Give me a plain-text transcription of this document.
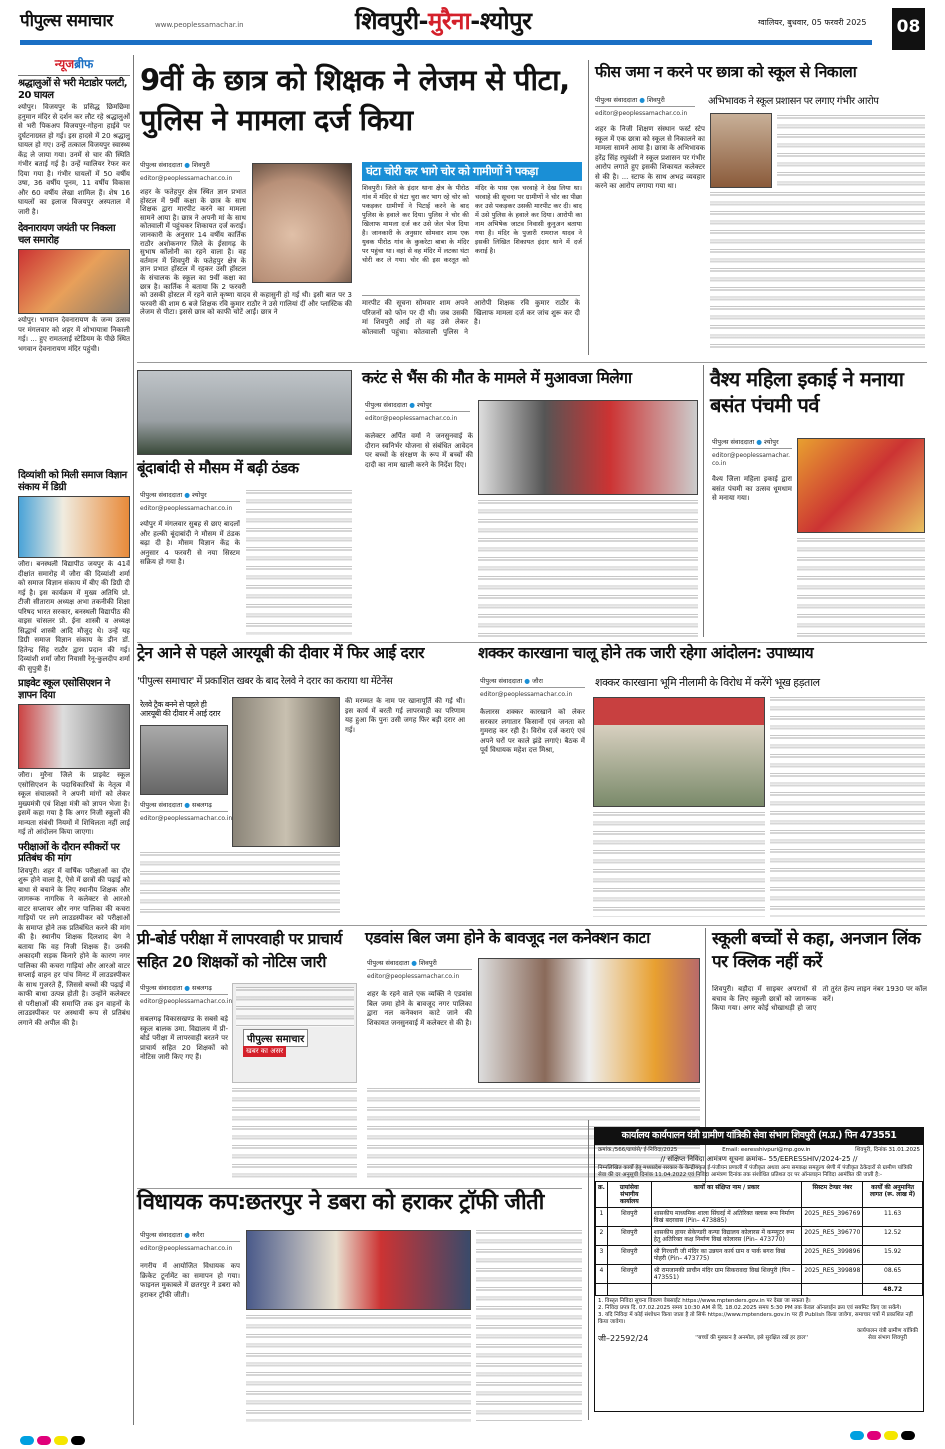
पीपुल्स समाचार	www.peoplessamachar.in	शिवपुरी-मुरैना-श्योपुर	ग्वालियर, बुधवार, 05 फरवरी 2025 08
न्यूजब्रीफ
श्रद्धालुओं से भरी मेटाडोर पलटी, 20 घायल
श्योपुर। विजयपुर के प्रसिद्ध छिमछिमा हनुमान मंदिर से दर्शन कर लौट रहे श्रद्धालुओं से भरी पिकअप विजयपुर-गोहना हाईवे पर दुर्घटनाग्रस्त हो गई। इस हादसे में 20 श्रद्धालु घायल हो गए। उन्हें तत्काल विजयपुर स्वास्थ्य केंद्र ले जाया गया। उनमें से चार की स्थिति गंभीर बताई गई है। उन्हें ग्वालियर रेफर कर दिया गया है। गंभीर घायलों में 50 वर्षीय उषा, 36 वर्षीय पूनम, 11 वर्षीय विकास और 60 वर्षीय लेखा शामिल हैं। शेष 16 घायलों का इलाज विजयपुर अस्पताल में जारी है।
देवनारायण जयंती पर निकला चल समारोह
श्योपुर। भगवान देवनारायण के जन्म उत्सव पर मंगलवार को शहर में शोभायात्रा निकाली गई। ... हुए रामतलाई स्टेडियम के पीछे स्थित भगवान देवनारायण मंदिर पहुंची।
दिव्यांशी को मिली समाज विज्ञान संकाय में डिग्री
जौरा। बनस्थली विद्यापीठ जयपुर के 41वें दीक्षांत समारोह में जौरा की दिव्यांशी शर्मा को समाज विज्ञान संकाय में बीए की डिग्री दी गई है। इस कार्यक्रम में मुख्य अतिथि प्रो. टीजी सीताराम अध्यक्ष अभा तकनीकी शिक्षा परिषद भारत सरकार, बनस्थली विद्यापीठ की वाइस चांसलर प्रो. ईना शास्त्री व अध्यक्ष सिद्धार्थ शास्त्री आदि मौजूद थे। उन्हें यह डिग्री समाज विज्ञान संकाय के डीन डॉ. हितेन्द्र सिंह राठौर द्वारा प्रदान की गई। दिव्यांशी शर्मा जौरा निवासी रेनू-कुलदीप शर्मा की सुपुत्री हैं।
प्राइवेट स्कूल एसोसिएशन ने ज्ञापन दिया
जौरा। मुरैना जिले के प्राइवेट स्कूल एसोसिएशन के पदाधिकारियों के नेतृत्व में स्कूल संचालकों ने अपनी मांगों को लेकर मुख्यमंत्री एवं शिक्षा मंत्री को ज्ञापन भेजा है। इसमें कहा गया है कि अगर निजी स्कूलों की मान्यता संबंधी नियमों में शिथिलता नहीं लाई गई तो आंदोलन किया जाएगा।
परीक्षाओं के दौरान स्पीकरों पर प्रतिबंध की मांग
शिवपुरी। शहर में वार्षिक परीक्षाओं का दौर शुरू होने वाला है, ऐसे में छात्रों की पढ़ाई को बाधा से बचाने के लिए स्थानीय शिक्षक और जागरूक नागरिक ने कलेक्टर से आरओ वाटर सप्लायर और नगर पालिका की कचरा गाड़ियों पर लगे लाउडस्पीकर को परीक्षाओं के समाप्त होने तक प्रतिबंधित करने की मांग की है। स्थानीय शिक्षक दिलशाद बेग ने बताया कि वह निजी शिक्षक हैं। उनकी अकादमी सड़क किनारे होने के कारण नगर पालिका की कचरा गाड़ियां और आरओ वाटर सप्लाई वाहन हर पांच मिनट में लाउडस्पीकर के साथ गुजरते हैं, जिससे बच्चों की पढ़ाई में काफी बाधा उत्पन्न होती है। उन्होंने कलेक्टर से परीक्षाओं की समाप्ति तक इन वाहनों के लाउडस्पीकर पर अस्थायी रूप से प्रतिबंध लगाने की अपील की है।
9वीं के छात्र को शिक्षक ने लेजम से पीटा, पुलिस ने मामला दर्ज किया
पीपुल्स संवाददाता ● शिवपुरी
editor@peoplessamachar.co.in
शहर के फतेहपुर क्षेत्र स्थित ज्ञान प्रभात होस्टल में 9वीं कक्षा के छात्र के साथ शिक्षक द्वारा मारपीट करने का मामला सामने आया है। छात्र ने अपनी मां के साथ कोतवाली में पहुंचकर शिकायत दर्ज कराई। जानकारी के अनुसार 14 वर्षीय कार्तिक राठौर अशोकनगर जिले के ईसागढ़ के सुभाष कॉलोनी का रहने वाला है। वह वर्तमान में शिवपुरी के फतेहपुर क्षेत्र के ज्ञान प्रभात हॉस्टल में रहकर उसी हॉस्टल के संचालक के स्कूल का 9वीं कक्षा का छात्र है। कार्तिक ने बताया कि 2 फरवरी को उसकी होस्टल में रहने वाले कृष्णा यादव से कहासुनी हो गई थी। इसी बात पर 3 फरवरी की शाम 6 बजे शिक्षक रवि कुमार राठौर ने उसे गालियां दीं और प्लास्टिक की लेजम से पीटा। इससे छात्र को काफी चोटें आईं। छात्र ने
मारपीट की सूचना सोमवार शाम अपने परिजनों को फोन पर दी थी। जब उसकी मां शिवपुरी आईं तो वह उसे लेकर कोतवाली पहुंचा। कोतवाली पुलिस ने आरोपी शिक्षक रवि कुमार राठौर के खिलाफ मामला दर्ज कर जांच शुरू कर दी है।
घंटा चोरी कर भागे चोर को गामीणों ने पकड़ा
शिवपुरी। जिले के इंदार थाना क्षेत्र के पीरोठ गांव में मंदिर से घंटा चुरा कर भाग रहे चोर को पकड़कर ग्रामीणों ने पिटाई करने के बाद पुलिस के हवाले कर दिया। पुलिस ने चोर की खिलाफ मामला दर्ज कर उसे जेल भेज दिया है। जानकारी के अनुसार सोमवार शाम एक युवक पीरोठ गांव के कुकरेटा बाबा के मंदिर पर पहुंचा था। वहां से वह मंदिर में लटका घंटा चोरी कर ले गया। चोर की इस करतूत को मंदिर के पास एक चरवाहे ने देख लिया था। चरवाहे की सूचना पर ग्रामीणों ने चोर का पीछा कर उसे पकड़कर उसकी मारपीट कर दी। बाद में उसे पुलिस के हवाले कर दिया। आरोपी का नाम अभिषेक जाटव निवासी कुनुअन बताया गया है। मंदिर के पुजारी रामराज यादव ने इसकी लिखित शिकायत इंदार थाने में दर्ज कराई है।
फीस जमा न करने पर छात्रा को स्कूल से निकाला
पीपुल्स संवाददाता ● शिवपुरी
editor@peoplessamachar.co.in
अभिभावक ने स्कूल प्रशासन पर लगाए गंभीर आरोप
शहर के निजी शिक्षण संस्थान फर्स्ट स्टेप स्कूल में एक छात्रा को स्कूल से निकालने का मामला सामने आया है। छात्रा के अभिभावक हरेंद्र सिंह रघुवंशी ने स्कूल प्रशासन पर गंभीर आरोप लगाते हुए इसकी शिकायत कलेक्टर से की है। ... स्टाफ के साथ अभद्र व्यवहार करने का आरोप लगाया गया था।
बूंदाबांदी से मौसम में बढ़ी ठंडक
पीपुल्स संवाददाता ● श्योपुर
editor@peoplessamachar.co.in
श्योपुर में मंगलवार सुबह से छाए बादलों और हल्की बूंदाबांदी ने मौसम में ठंडक बढ़ा दी है। मौसम विज्ञान केंद्र के अनुसार 4 फरवरी से नया सिस्टम सक्रिय हो गया है।
करंट से भैंस की मौत के मामले में मुआवजा मिलेगा
पीपुल्स संवाददाता ● श्योपुर
editor@peoplessamachar.co.in
कलेक्टर अर्पित वर्मा ने जनसुनवाई के दौरान स्वनिर्भर योजना से संबंधित आवेदन पर बच्चों के संरक्षण के रूप में बच्चों की दादी का नाम खाली करने के निर्देश दिए।
वैश्य महिला इकाई ने मनाया बसंत पंचमी पर्व
पीपुल्स संवाददाता ● श्योपुर
editor@peoplessamachar.co.in
वैश्य जिला महिला इकाई द्वारा बसंत पंचमी का उत्सव धूमधाम से मनाया गया।
ट्रेन आने से पहले आरयूबी की दीवार में फिर आई दरार
'पीपुल्स समाचार' में प्रकाशित खबर के बाद रेलवे ने दरार का कराया था मेंटेनेंस
रेलवे ट्रैक बनने से पहले ही आरयूबी की दीवार में आई दरार
पीपुल्स संवाददाता ● सबलगढ़
editor@peoplessamachar.co.in
की मरम्मत के नाम पर खानापूर्ति की गई थी। इस कार्य में बरती गई लापरवाही का परिणाम यह हुआ कि पुनः उसी जगह फिर बड़ी दरार आ गई।
शक्कर कारखाना चालू होने तक जारी रहेगा आंदोलन: उपाध्याय
पीपुल्स संवाददाता ● जौरा
editor@peoplessamachar.co.in
शक्कर कारखाना भूमि नीलामी के विरोध में करेंगे भूख हड़ताल
कैलारस शक्कर कारखाने को लेकर सरकार लगातार किसानों एवं जनता को गुमराह कर रही है। विरोध दर्ज कराएं एवं अपने घरों पर काले झंडे लगाएं। बैठक में पूर्व विधायक महेश दत्त मिश्रा,
प्री-बोर्ड परीक्षा में लापरवाही पर प्राचार्य सहित 20 शिक्षकों को नोटिस जारी
पीपुल्स संवाददाता ● सबलगढ़
editor@peoplessamachar.co.in
पीपुल्स समाचार
खबर का असर
सबलगढ़ विकासखण्ड के सबसे बड़े स्कूल बालक उमा. विद्यालय में प्री-बोर्ड परीक्षा में लापरवाही बरतने पर प्राचार्य सहित 20 शिक्षकों को नोटिस जारी किए गए हैं।
एडवांस बिल जमा होने के बावजूद नल कनेक्शन काटा
पीपुल्स संवाददाता ● शिवपुरी
editor@peoplessamachar.co.in
शहर के रहने वाले एक व्यक्ति ने एडवांस बिल जमा होने के बावजूद नगर पालिका द्वारा नल कनेक्शन काटे जाने की शिकायत जनसुनवाई में कलेक्टर से की है।
स्कूली बच्चों से कहा, अनजान लिंक पर क्लिक नहीं करें
शिवपुरी। बड़ौदा में साइबर अपराधों से बचाव के लिए स्कूली छात्रों को जागरूक किया गया। अगर कोई धोखाधड़ी हो जाए तो तुरंत हेल्प लाइन नंबर 1930 पर कॉल करें।
विधायक कप:छतरपुर ने डबरा को हराकर ट्रॉफी जीती
पीपुल्स संवाददाता ● करैरा
editor@peoplessamachar.co.in
नगरीय में आयोजित विधायक कप क्रिकेट टूर्नामेंट का समापन हो गया। फाइनल मुकाबले में छतरपुर ने डबरा को हराकर ट्रॉफी जीती।
कार्यालय कार्यपालन यंत्री ग्रामीण यांत्रिकी सेवा संभाग शिवपुरी (म.प्र.) पिन 473551
क्रमांक./566/ग्रायांसे/ ई-निविदा/2025	Email: eeresshivpuri@mp.gov.in	शिवपुरी, दिनांक 31.01.2025
// संक्षिप्त निविदा आमंत्रण सूचना क्रमांक– 55/EERESSHIV/2024-25 //
निम्नलिखित कार्यों हेतु मध्यप्रदेश सरकार के केन्द्रीयकृत ई-पंजीयन प्रणाली में पंजीकृत अथवा अन्य समकक्ष समतुल्य श्रेणी में पंजीकृत ठेकेदारों से ग्रामीण यांत्रिकी सेवा की दर अनुसूची दिनांक 11.04.2022 एवं निविदा आमंत्रण दिनांक तक संशोधित प्रतिशत दर पर ऑनलाइन निविदा आमंत्रित की जाती है:-
क्र.	ग्रायांसेवा संभागीय कार्यालय	कार्यों का संक्षिप्त नाम / प्रकार	सिस्टम टेण्डर नंबर	कार्यों की अनुमानित लागत (रू. लाख में)
1	शिवपुरी	शासकीय माध्यमिक शाला सिंघरई में अतिरिक्त क्लास रूम निर्माण विखं बदरवास (Pin– 473885)	2025_RES_396769	11.63
2	शिवपुरी	शासकीय हायर सेकेण्डरी कन्या विद्यालय कोलारस में कम्प्यूटर रूम हेतु अतिरिक्त कक्ष निर्माण विखं कोलारस (Pin– 473770)	2025_RES_396770	12.52
3	शिवपुरी	श्री गिरधारी जी मंदिर का उन्नयन कार्य ग्राम व पार्क बगरा विखं पोहरी (Pin– 473775)	2025_RES_399896	15.92
4	शिवपुरी	श्री रामजानकी प्राचीन मंदिर ग्राम सिकरावदा विखं शिवपुरी (पिन – 473551)	2025_RES_399898	08.65
				48.72
1. विस्तृत निविदा सूचना विवरण वेबसाईट https://www.mptenders.gov.in पर देखा जा सकता है।
2. निविदा प्रपत्र दि. 07.02.2025 समय 10:30 AM से दि. 18.02.2025 समय 5:30 PM तक केवल ऑनलाईन क्रय एवं सबमिट किए जा सकेंगे।
3. यदि निविदा में कोई संशोधन किया जाता है तो सिर्फ https://www.mptenders.gov.in पर ही Publish किया जावेगा, समाचार पत्रों में प्रकाशित नहीं किया जावेगा।
जी–22592/24	''बच्चों की मुस्कान है अनमोल, इसे सुरक्षित रखें हर हाल''
कार्यपालन यंत्री ग्रामीण यांत्रिकी सेवा संभाग शिवपुरी
